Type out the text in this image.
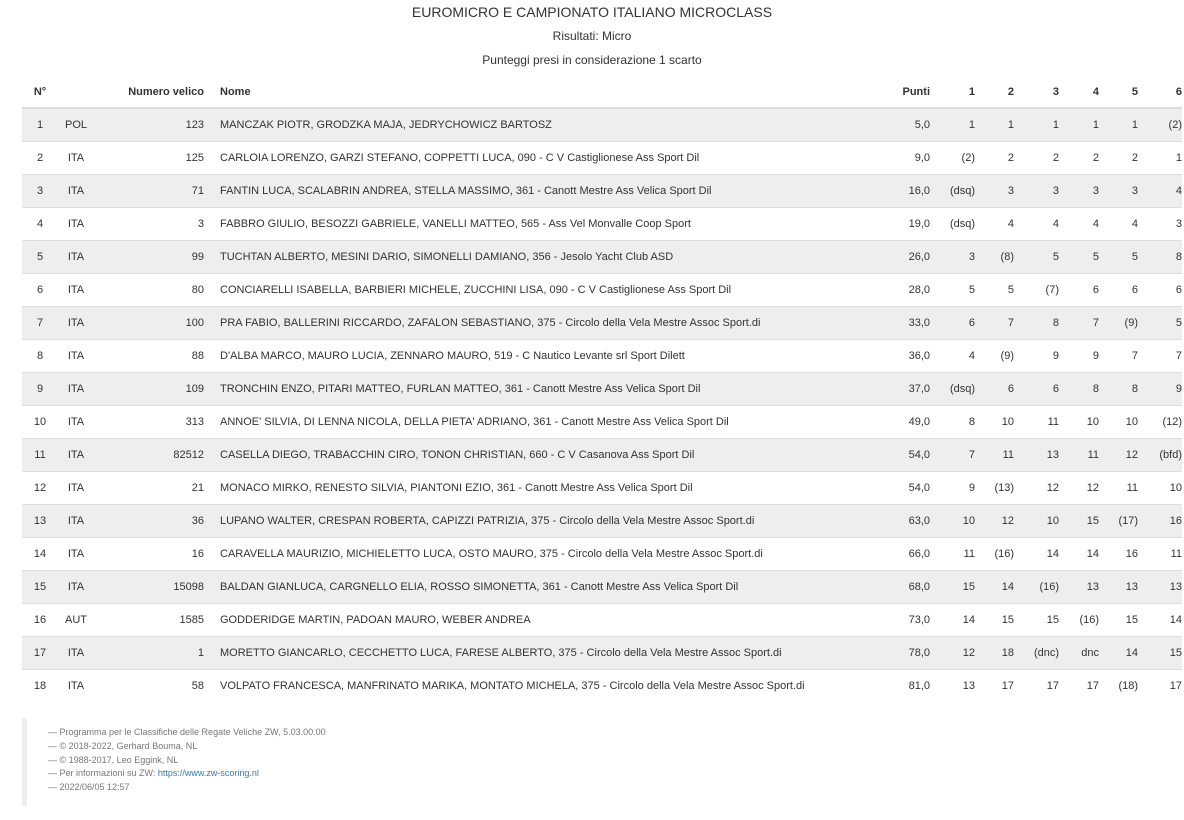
EUROMICRO E CAMPIONATO ITALIANO MICROCLASS
Risultati: Micro
Punteggi presi in considerazione 1 scarto
N°		Numero velico	Nome	Punti	1	2	3	4	5	6
1	POL	123	MANCZAK PIOTR, GRODZKA MAJA, JEDRYCHOWICZ BARTOSZ	5,0	1	1	1	1	1	(2)
2	ITA	125	CARLOIA LORENZO, GARZI STEFANO, COPPETTI LUCA, 090 - C V Castiglionese Ass Sport Dil	9,0	(2)	2	2	2	2	1
3	ITA	71	FANTIN LUCA, SCALABRIN ANDREA, STELLA MASSIMO, 361 - Canott Mestre Ass Velica Sport Dil	16,0	(dsq)	3	3	3	3	4
4	ITA	3	FABBRO GIULIO, BESOZZI GABRIELE, VANELLI MATTEO, 565 - Ass Vel Monvalle Coop Sport	19,0	(dsq)	4	4	4	4	3
5	ITA	99	TUCHTAN ALBERTO, MESINI DARIO, SIMONELLI DAMIANO, 356 - Jesolo Yacht Club ASD	26,0	3	(8)	5	5	5	8
6	ITA	80	CONCIARELLI ISABELLA, BARBIERI MICHELE, ZUCCHINI LISA, 090 - C V Castiglionese Ass Sport Dil	28,0	5	5	(7)	6	6	6
7	ITA	100	PRA FABIO, BALLERINI RICCARDO, ZAFALON SEBASTIANO, 375 - Circolo della Vela Mestre Assoc Sport.di	33,0	6	7	8	7	(9)	5
8	ITA	88	D'ALBA MARCO, MAURO LUCIA, ZENNARO MAURO, 519 - C Nautico Levante srl Sport Dilett	36,0	4	(9)	9	9	7	7
9	ITA	109	TRONCHIN ENZO, PITARI MATTEO, FURLAN MATTEO, 361 - Canott Mestre Ass Velica Sport Dil	37,0	(dsq)	6	6	8	8	9
10	ITA	313	ANNOE' SILVIA, DI LENNA NICOLA, DELLA PIETA' ADRIANO, 361 - Canott Mestre Ass Velica Sport Dil	49,0	8	10	11	10	10	(12)
11	ITA	82512	CASELLA DIEGO, TRABACCHIN CIRO, TONON CHRISTIAN, 660 - C V Casanova Ass Sport Dil	54,0	7	11	13	11	12	(bfd)
12	ITA	21	MONACO MIRKO, RENESTO SILVIA, PIANTONI EZIO, 361 - Canott Mestre Ass Velica Sport Dil	54,0	9	(13)	12	12	11	10
13	ITA	36	LUPANO WALTER, CRESPAN ROBERTA, CAPIZZI PATRIZIA, 375 - Circolo della Vela Mestre Assoc Sport.di	63,0	10	12	10	15	(17)	16
14	ITA	16	CARAVELLA MAURIZIO, MICHIELETTO LUCA, OSTO MAURO, 375 - Circolo della Vela Mestre Assoc Sport.di	66,0	11	(16)	14	14	16	11
15	ITA	15098	BALDAN GIANLUCA, CARGNELLO ELIA, ROSSO SIMONETTA, 361 - Canott Mestre Ass Velica Sport Dil	68,0	15	14	(16)	13	13	13
16	AUT	1585	GODDERIDGE MARTIN, PADOAN MAURO, WEBER ANDREA	73,0	14	15	15	(16)	15	14
17	ITA	1	MORETTO GIANCARLO, CECCHETTO LUCA, FARESE ALBERTO, 375 - Circolo della Vela Mestre Assoc Sport.di	78,0	12	18	(dnc)	dnc	14	15
18	ITA	58	VOLPATO FRANCESCA, MANFRINATO MARIKA, MONTATO MICHELA, 375 - Circolo della Vela Mestre Assoc Sport.di	81,0	13	17	17	17	(18)	17
— Programma per le Classifiche delle Regate Veliche ZW, 5.03.00.00
— © 2018-2022, Gerhard Bouma, NL
— © 1988-2017, Leo Eggink, NL
— Per informazioni su ZW: https://www.zw-scoring.nl
— 2022/06/05 12:57
